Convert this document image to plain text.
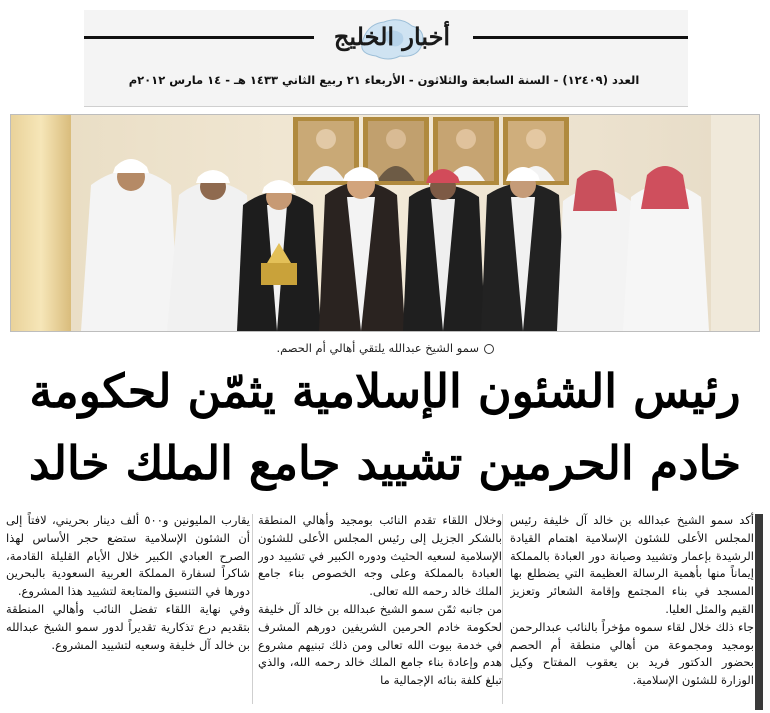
أخبار الخليج
العدد (١٢٤٠٩) - السنة السابعة والثلاثون - الأربعاء ٢١ ربيع الثاني ١٤٣٣ هـ - ١٤ مارس ٢٠١٢م
سمو الشيخ عبدالله يلتقي أهالي أم الحصم.
رئيس الشئون الإسلامية يثمّن لحكومة
خادم الحرمين تشييد جامع الملك خالد

أكد سمو الشيخ عبدالله بن خالد آل خليفة رئيس المجلس الأعلى للشئون الإسلامية اهتمام القيادة الرشيدة بإعمار وتشييد وصيانة دور العبادة بالمملكة إيماناً منها بأهمية الرسالة العظيمة التي يضطلع بها المسجد في بناء المجتمع وإقامة الشعائر وتعزيز القيم والمثل العليا.

جاء ذلك خلال لقاء سموه مؤخراً بالنائب عبدالرحمن بومجيد ومجموعة من أهالي منطقة أم الحصم بحضور الدكتور فريد بن يعقوب المفتاح وكيل الوزارة للشئون الإسلامية.

وخلال اللقاء تقدم النائب بومجيد وأهالي المنطقة بالشكر الجزيل إلى رئيس المجلس الأعلى للشئون الإسلامية لسعيه الحثيث ودوره الكبير في تشييد دور العبادة بالمملكة وعلى وجه الخصوص بناء جامع الملك خالد رحمه الله تعالى.

من جانبه ثمّن سمو الشيخ عبدالله بن خالد آل خليفة لحكومة خادم الحرمين الشريفين دورهم المشرف في خدمة بيوت الله تعالى ومن ذلك تبنيهم مشروع هدم وإعادة بناء جامع الملك خالد رحمه الله، والذي تبلغ كلفة بنائه الإجمالية ما

يقارب المليونين و٥٠٠ ألف دينار بحريني، لافتاً إلى أن الشئون الإسلامية ستضع حجر الأساس لهذا الصرح العبادي الكبير خلال الأيام القليلة القادمة، شاكراً لسفارة المملكة العربية السعودية بالبحرين دورها في التنسيق والمتابعة لتشييد هذا المشروع.

وفي نهاية اللقاء تفضل النائب وأهالي المنطقة بتقديم درع تذكارية تقديراً لدور سمو الشيخ عبدالله بن خالد آل خليفة وسعيه لتشييد المشروع.
